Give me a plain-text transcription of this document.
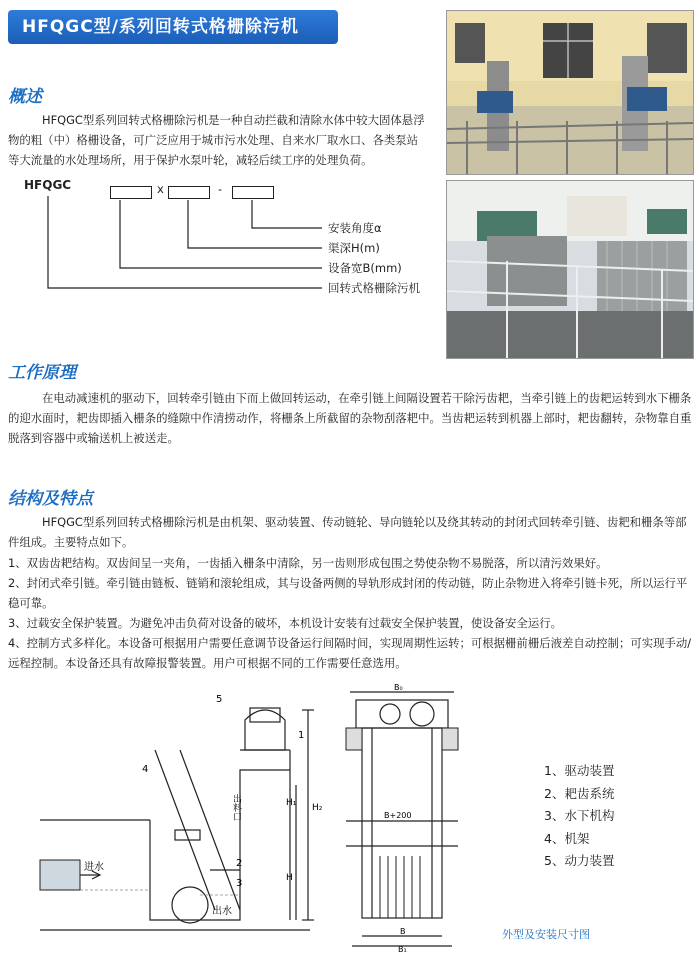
HFQGC型/系列回转式格栅除污机
概述

HFQGC型系列回转式格栅除污机是一种自动拦截和清除水体中较大固体悬浮物的粗（中）格栅设备，可广泛应用于城市污水处理、自来水厂取水口、各类泵站等大流量的水处理场所，用于保护水泵叶轮，减轻后续工序的处理负荷。

HFQGC	x	-
安装角度α
渠深H(m)
设备宽B(mm)
回转式格栅除污机
工作原理

在电动减速机的驱动下，回转牵引链由下而上做回转运动，在牵引链上间隔设置若干除污齿耙，当牵引链上的齿耙运转到水下栅条的迎水面时，耙齿即插入栅条的缝隙中作清捞动作，将栅条上所截留的杂物刮落耙中。当齿耙运转到机器上部时，耙齿翻转，杂物靠自重脱落到容器中或输送机上被送走。

结构及特点

HFQGC型系列回转式格栅除污机是由机架、驱动装置、传动链轮、导向链轮以及绕其转动的封闭式回转牵引链、齿耙和栅条等部件组成。主要特点如下。

1、双齿齿耙结构。双齿间呈一夹角，一齿插入栅条中清除，另一齿则形成包围之势使杂物不易脱落，所以清污效果好。

2、封闭式牵引链。牵引链由链板、链销和滚轮组成，其与设备两侧的导轨形成封闭的传动链，防止杂物进入将牵引链卡死，所以运行平稳可靠。

3、过载安全保护装置。为避免冲击负荷对设备的破坏，本机设计安装有过载安全保护装置，使设备安全运行。

4、控制方式多样化。本设备可根据用户需要任意调节设备运行间隔时间，实现周期性运转；可根据栅前栅后液差自动控制；可实现手动/远程控制。本设备还具有故障报警装置。用户可根据不同的工作需要任意选用。

进水
出水
出料口
1
2
3
4
5
H₁ H₂
H
B₀
B+200
B
B₁
1、驱动装置
2、耙齿系统
3、水下机构
4、机架
5、动力装置
外型及安装尺寸图
